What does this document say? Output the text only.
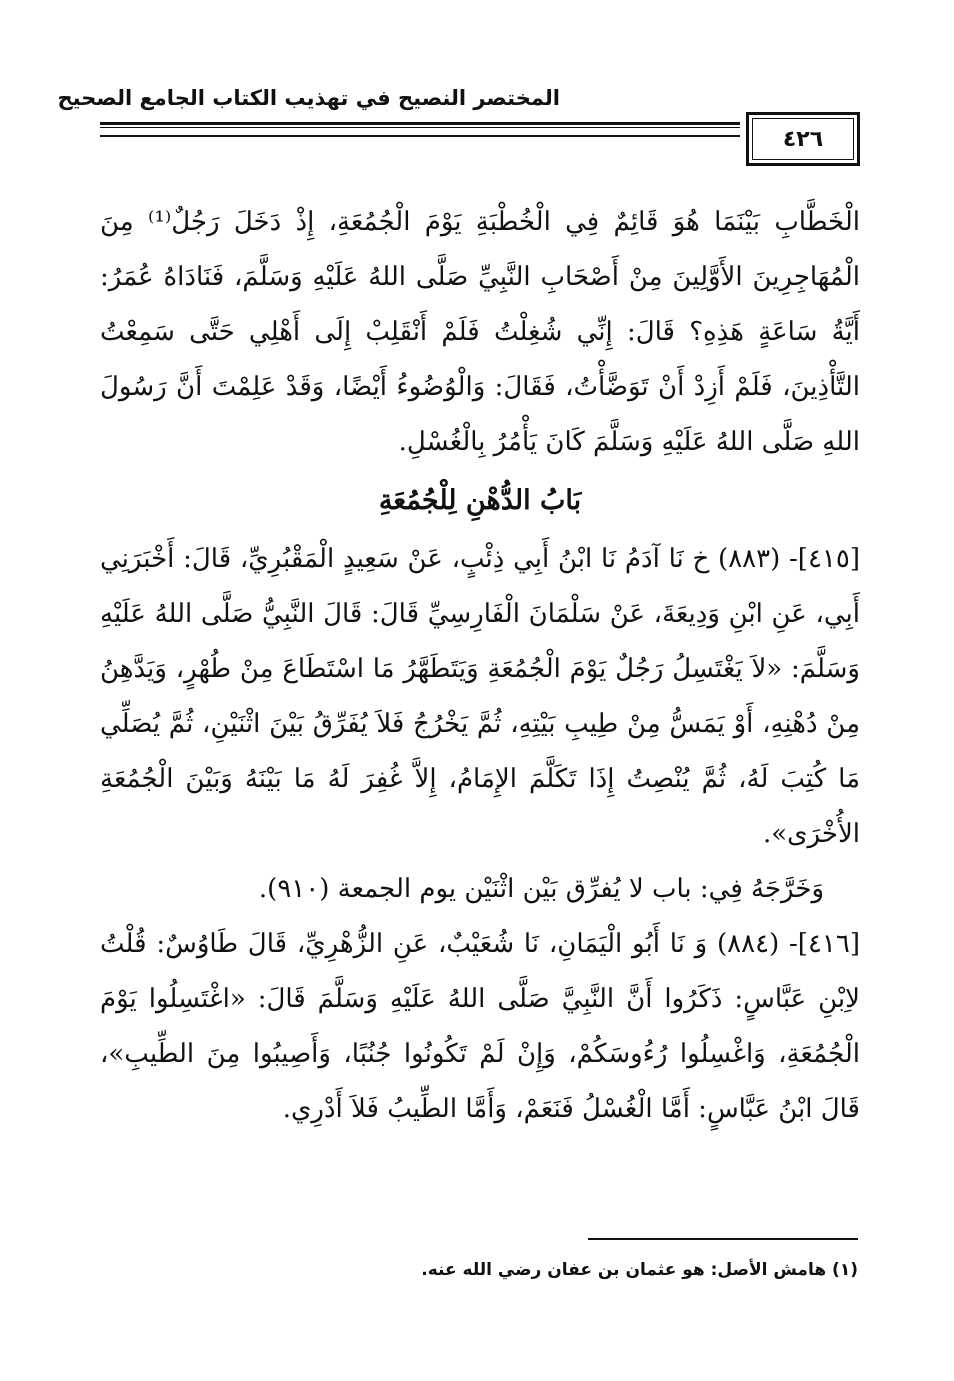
المختصر النصيح في تهذيب الكتاب الجامع الصحيح
٤٢٦

الْخَطَّابِ بَيْنَمَا هُوَ قَائِمٌ فِي الْخُطْبَةِ يَوْمَ الْجُمُعَةِ، إِذْ دَخَلَ رَجُلٌ⁽¹⁾ مِنَ الْمُهَاجِرِينَ الأَوَّلِينَ مِنْ أَصْحَابِ النَّبِيِّ صَلَّى اللهُ عَلَيْهِ وَسَلَّمَ، فَنَادَاهُ عُمَرُ: أَيَّةُ سَاعَةٍ هَذِهِ؟ قَالَ: إِنِّي شُغِلْتُ فَلَمْ أَنْقَلِبْ إِلَى أَهْلِي حَتَّى سَمِعْتُ التَّأْذِينَ، فَلَمْ أَزِدْ أَنْ تَوَضَّأْتُ، فَقَالَ: وَالْوُضُوءُ أَيْضًا، وَقَدْ عَلِمْتَ أَنَّ رَسُولَ اللهِ صَلَّى اللهُ عَلَيْهِ وَسَلَّمَ كَانَ يَأْمُرُ بِالْغُسْلِ.

بَابُ الدُّهْنِ لِلْجُمُعَةِ

[٤١٥]- (٨٨٣) خ نَا آدَمُ نَا ابْنُ أَبِي ذِئْبٍ، عَنْ سَعِيدٍ الْمَقْبُرِيِّ، قَالَ: أَخْبَرَنِي أَبِي، عَنِ ابْنِ وَدِيعَةَ، عَنْ سَلْمَانَ الْفَارِسِيِّ قَالَ: قَالَ النَّبِيُّ صَلَّى اللهُ عَلَيْهِ وَسَلَّمَ: «لاَ يَغْتَسِلُ رَجُلٌ يَوْمَ الْجُمُعَةِ وَيَتَطَهَّرُ مَا اسْتَطَاعَ مِنْ طُهْرٍ، وَيَدَّهِنُ مِنْ دُهْنِهِ، أَوْ يَمَسُّ مِنْ طِيبِ بَيْتِهِ، ثُمَّ يَخْرُجُ فَلاَ يُفَرِّقُ بَيْنَ اثْنَيْنِ، ثُمَّ يُصَلِّي مَا كُتِبَ لَهُ، ثُمَّ يُنْصِتُ إِذَا تَكَلَّمَ الإِمَامُ، إِلاَّ غُفِرَ لَهُ مَا بَيْنَهُ وَبَيْنَ الْجُمُعَةِ الأُخْرَى».

وَخَرَّجَهُ فِي: باب لا يُفرِّق بَيْن اثْنَيْن يوم الجمعة (٩١٠).

[٤١٦]- (٨٨٤) وَ نَا أَبُو الْيَمَانِ، نَا شُعَيْبٌ، عَنِ الزُّهْرِيِّ، قَالَ طَاوُسٌ: قُلْتُ لاِبْنِ عَبَّاسٍ: ذَكَرُوا أَنَّ النَّبِيَّ صَلَّى اللهُ عَلَيْهِ وَسَلَّمَ قَالَ: «اغْتَسِلُوا يَوْمَ الْجُمُعَةِ، وَاغْسِلُوا رُءُوسَكُمْ، وَإِنْ لَمْ تَكُونُوا جُنُبًا، وَأَصِيبُوا مِنَ الطِّيبِ»، قَالَ ابْنُ عَبَّاسٍ: أَمَّا الْغُسْلُ فَنَعَمْ، وَأَمَّا الطِّيبُ فَلاَ أَدْرِي.

(١) هامش الأصل: هو عثمان بن عفان رضي الله عنه.
